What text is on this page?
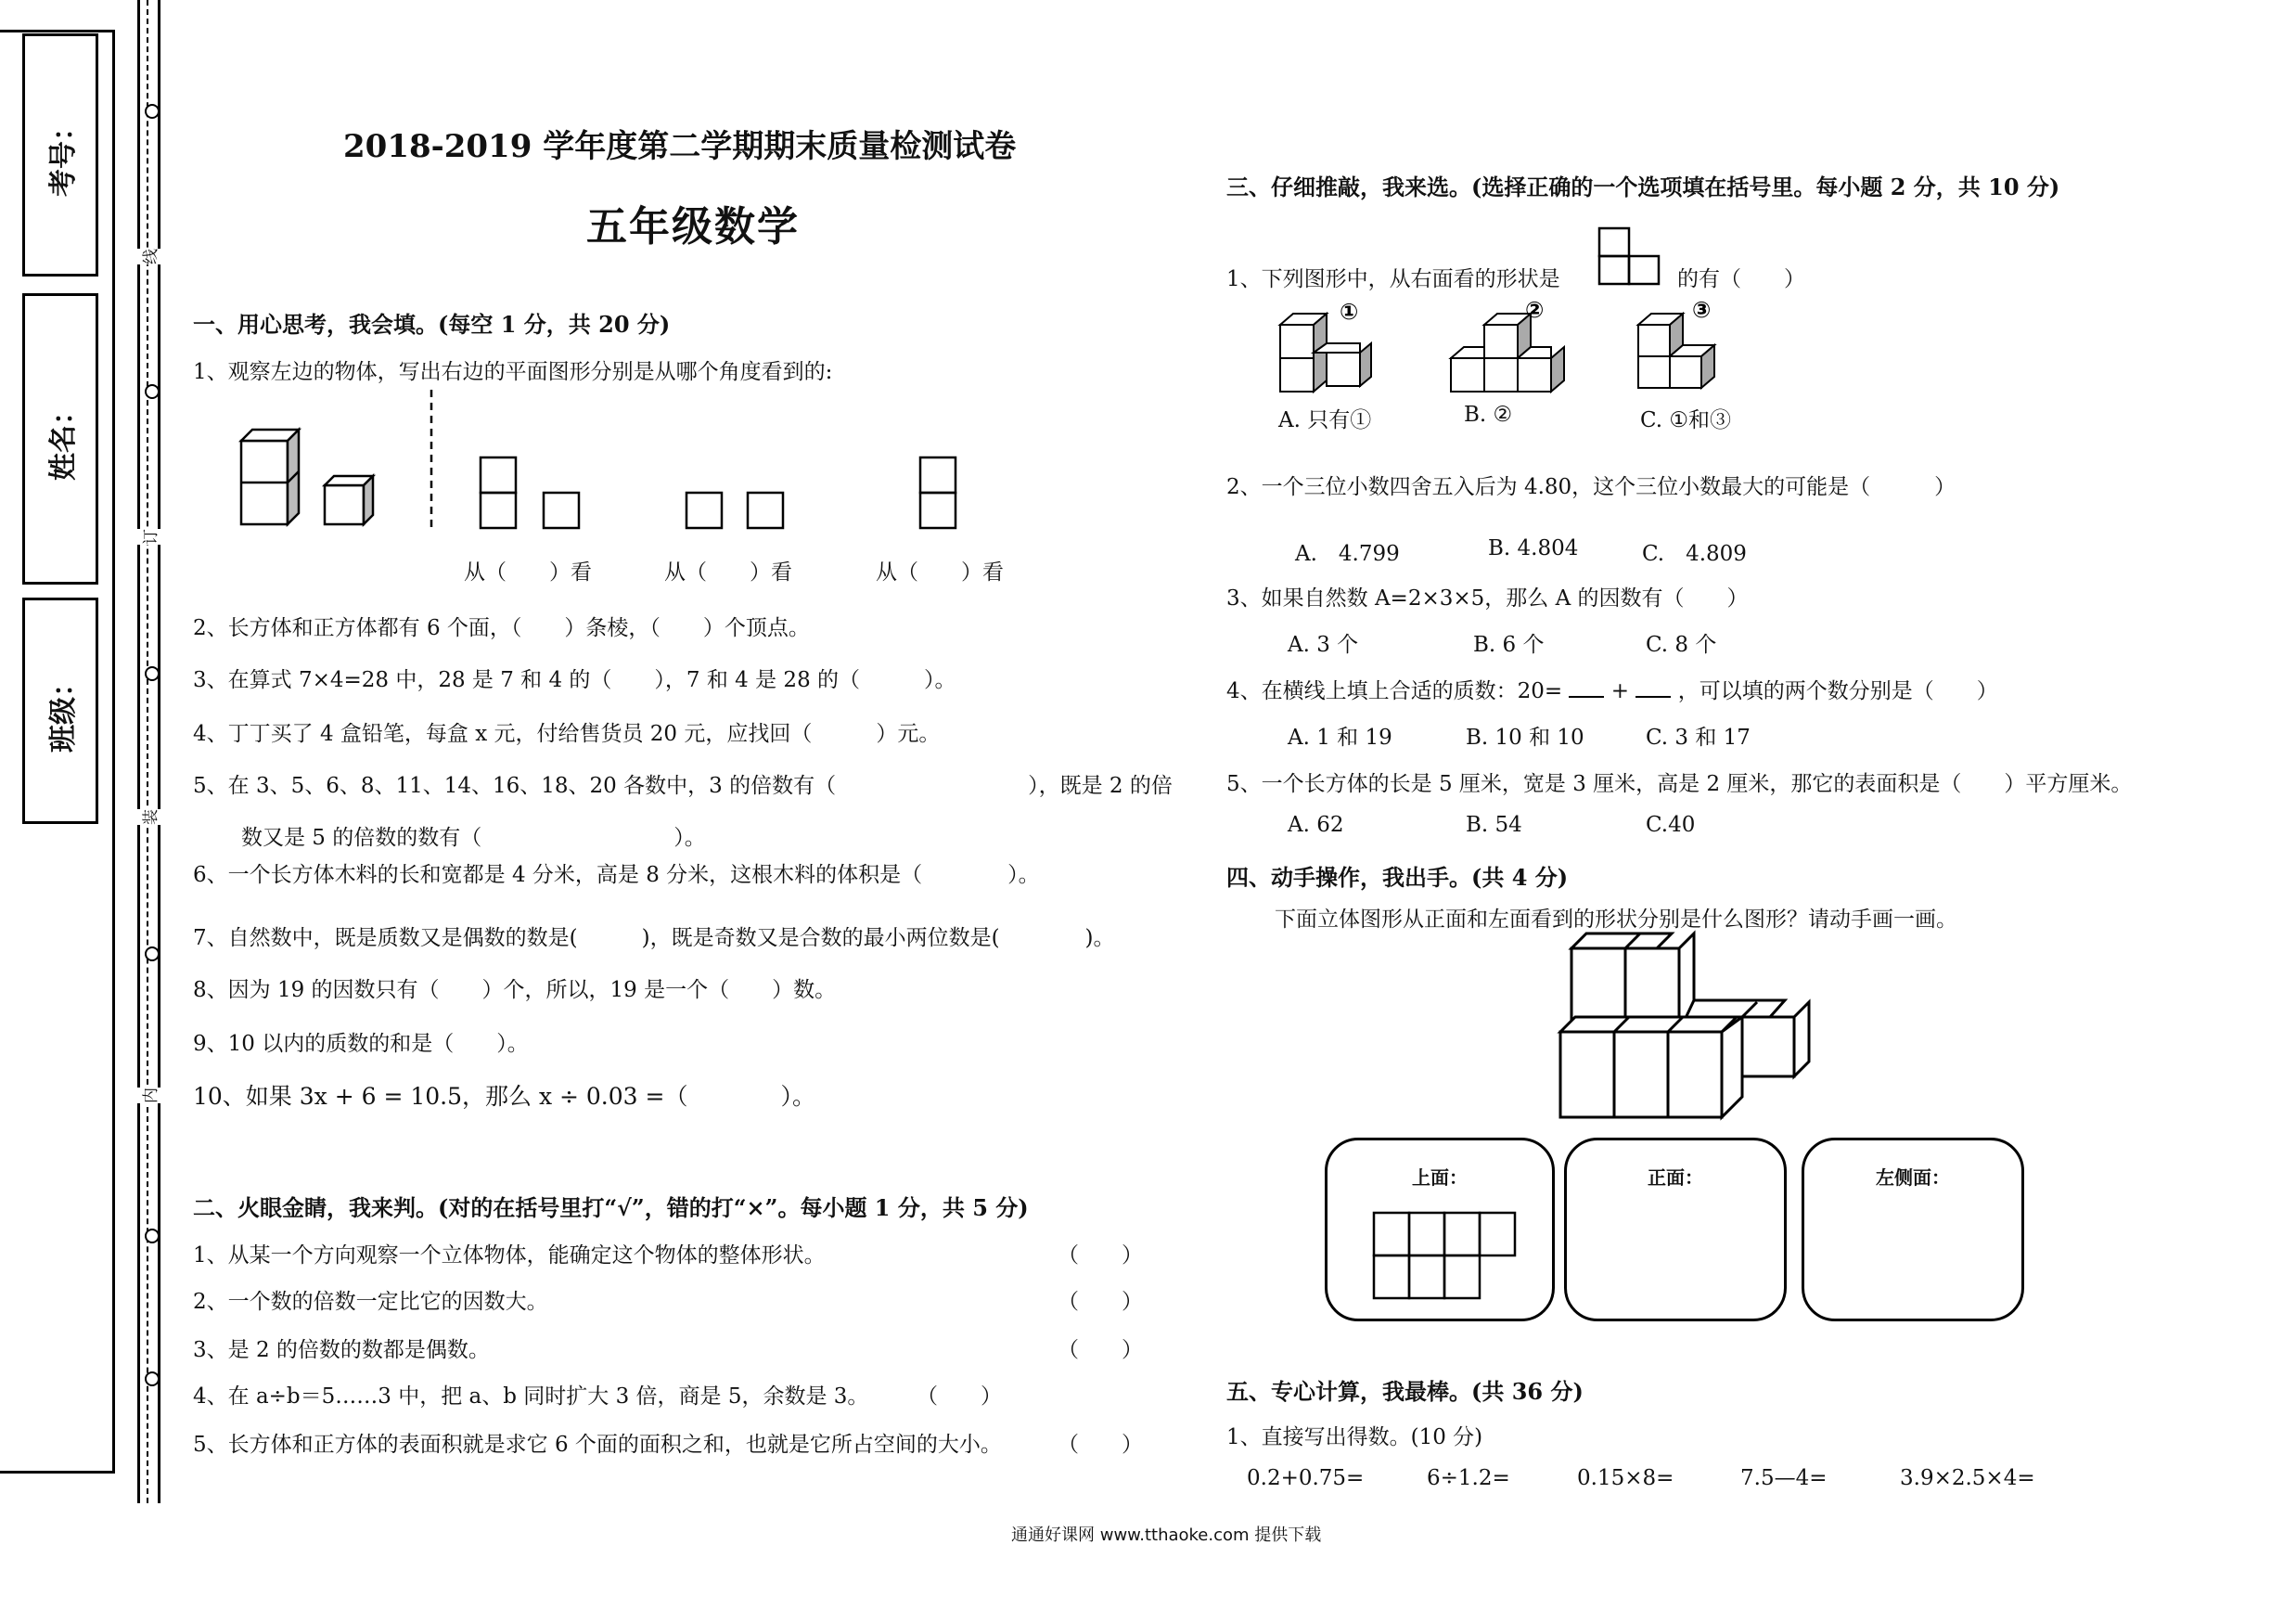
考号：
姓名：
班级：
线
订
装
内
2018-2019 学年度第二学期期末质量检测试卷
五年级数学
一、用心思考，我会填。(每空 1 分，共 20 分)
1、观察左边的物体，写出右边的平面图形分别是从哪个角度看到的:
从（　　）看	从（　　）看	从（　　）看
2、长方体和正方体都有 6 个面，（　　）条棱，（　　）个顶点。
3、在算式 7×4=28 中，28 是 7 和 4 的（　　），7 和 4 是 28 的（　　　）。
4、丁丁买了 4 盒铅笔，每盒 x 元，付给售货员 20 元，应找回（　　　）元。
5、在 3、5、6、8、11、14、16、18、20 各数中，3 的倍数有（　　　　　　　　　），既是 2 的倍
数又是 5 的倍数的数有（　　　　　　　　　）。
6、一个长方体木料的长和宽都是 4 分米，高是 8 分米，这根木料的体积是（　　　　）。
7、自然数中，既是质数又是偶数的数是(　　　)，既是奇数又是合数的最小两位数是(　　　　)。
8、因为 19 的因数只有（　　）个，所以，19 是一个（　　）数。
9、10 以内的质数的和是（　　）。
10、如果 3x + 6 = 10.5，那么 x ÷ 0.03 =（　　　　）。
二、火眼金睛，我来判。(对的在括号里打“√”，错的打“×”。每小题 1 分，共 5 分)
1、从某一个方向观察一个立体物体，能确定这个物体的整体形状。	（　　）
2、一个数的倍数一定比它的因数大。	（　　）
3、是 2 的倍数的数都是偶数。	（　　）
4、在 a÷b＝5……3 中，把 a、b 同时扩大 3 倍，商是 5，余数是 3。 （　　）
5、长方体和正方体的表面积就是求它 6 个面的面积之和，也就是它所占空间的大小。	（　　）
三、仔细推敲，我来选。(选择正确的一个选项填在括号里。每小题 2 分，共 10 分)
1、下列图形中，从右面看的形状是	的有（　　）
①	②	③
A. 只有①	B. ②	C. ①和③
2、一个三位小数四舍五入后为 4.80，这个三位小数最大的可能是（　　　）
A.　4.799	B. 4.804	C.　4.809
3、如果自然数 A=2×3×5，那么 A 的因数有（　　）
A. 3 个	B. 6 个	C. 8 个
4、在横线上填上合适的质数：20= + ，可以填的两个数分别是（　　）
A. 1 和 19	B. 10 和 10	C. 3 和 17
5、一个长方体的长是 5 厘米，宽是 3 厘米，高是 2 厘米，那它的表面积是（　　）平方厘米。
A. 62	B. 54	C.40
四、动手操作，我出手。(共 4 分)
下面立体图形从正面和左面看到的形状分别是什么图形？请动手画一画。
上面：	正面：	左侧面：
五、专心计算，我最棒。(共 36 分)
1、直接写出得数。(10 分)
0.2+0.75=	6÷1.2=	0.15×8=	7.5—4=	3.9×2.5×4=
通通好课网 www.tthaoke.com 提供下载
